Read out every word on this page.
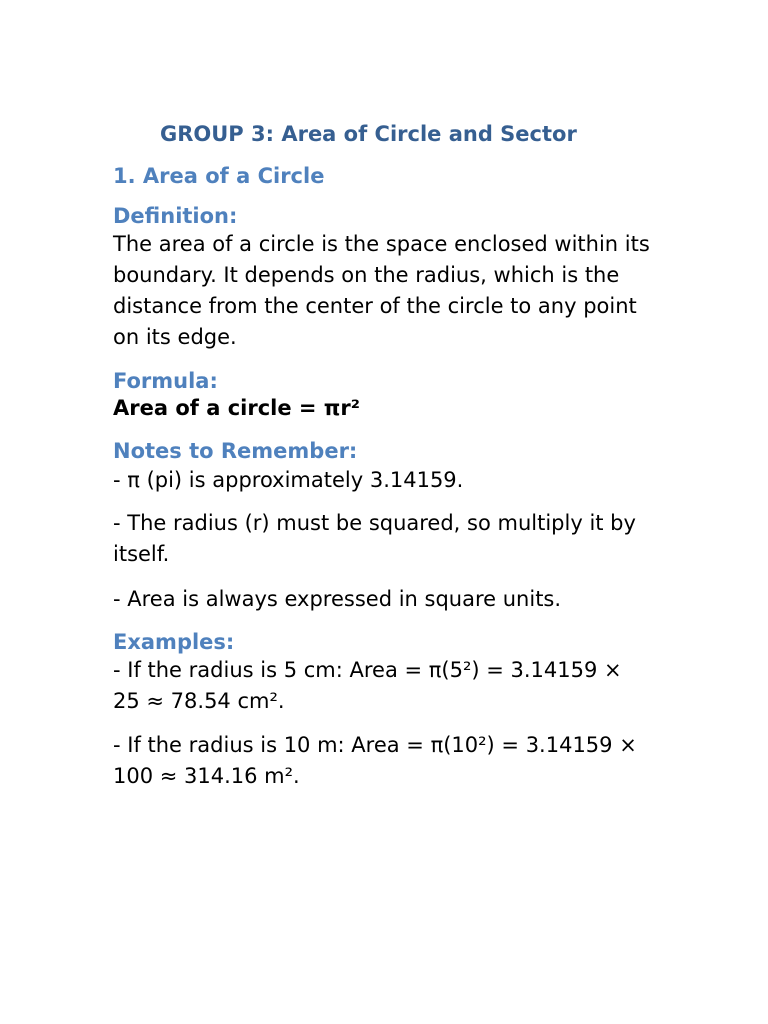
GROUP 3: Area of Circle and Sector
1. Area of a Circle
Definition:

The area of a circle is the space enclosed within its boundary. It depends on the radius, which is the distance from the center of the circle to any point on its edge.

Formula:

Area of a circle = πr²

Notes to Remember:

- π (pi) is approximately 3.14159.

- The radius (r) must be squared, so multiply it by itself.

- Area is always expressed in square units.

Examples:

- If the radius is 5 cm: Area = π(5²) = 3.14159 × 25 ≈ 78.54 cm².

- If the radius is 10 m: Area = π(10²) = 3.14159 × 100 ≈ 314.16 m².
